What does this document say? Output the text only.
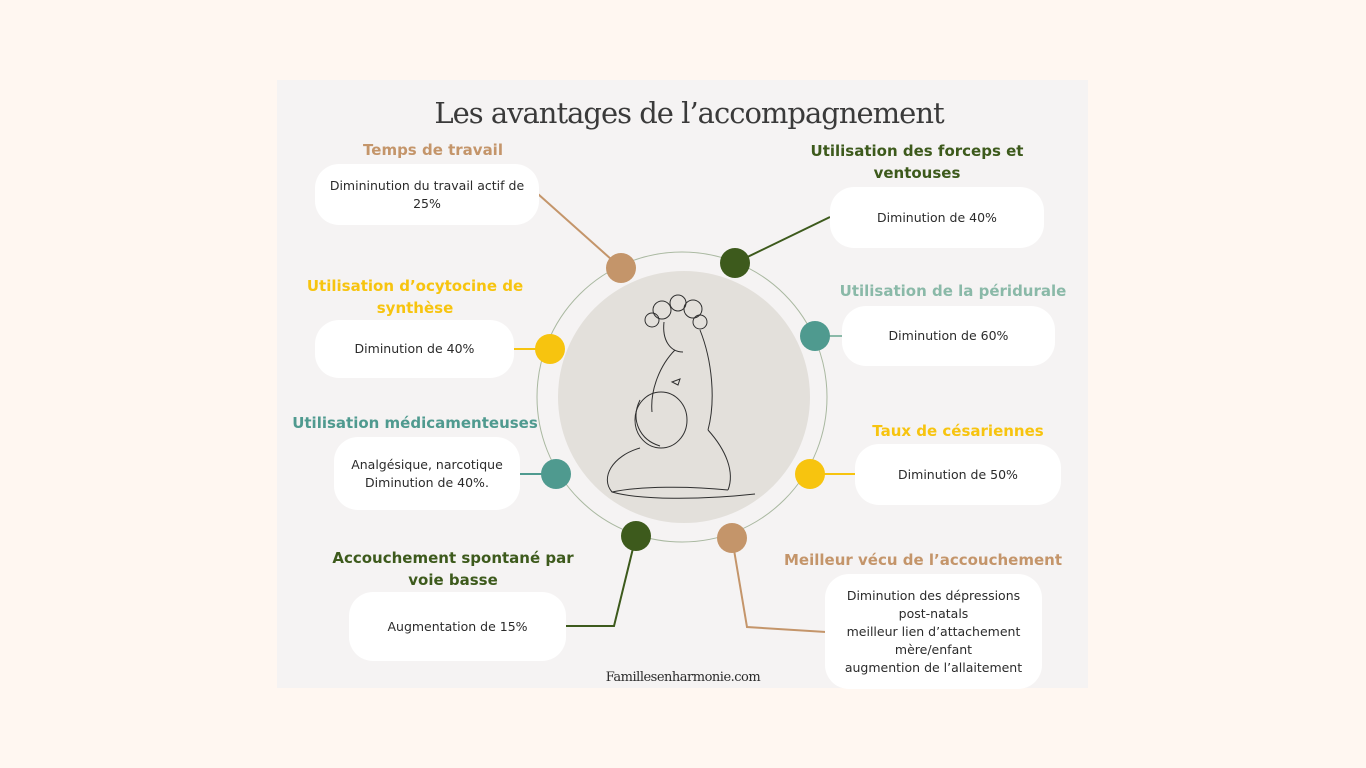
Les avantages de l’accompagnement

Temps de travail

Dimininution du travail actif de
25%
Utilisation des forceps et
ventouses
Diminution de 40%
Utilisation d’ocytocine de
synthèse
Diminution de 40%

Utilisation de la péridurale

Diminution de 60%

Utilisation médicamenteuses

Analgésique, narcotique
Diminution de 40%.

Taux de césariennes

Diminution de 50%
Accouchement spontané par
voie basse
Augmentation de 15%

Meilleur vécu de l’accouchement

Diminution des dépressions
post-natals
meilleur lien d’attachement
mère/enfant
augmention de l’allaitement
Famillesenharmonie.com
